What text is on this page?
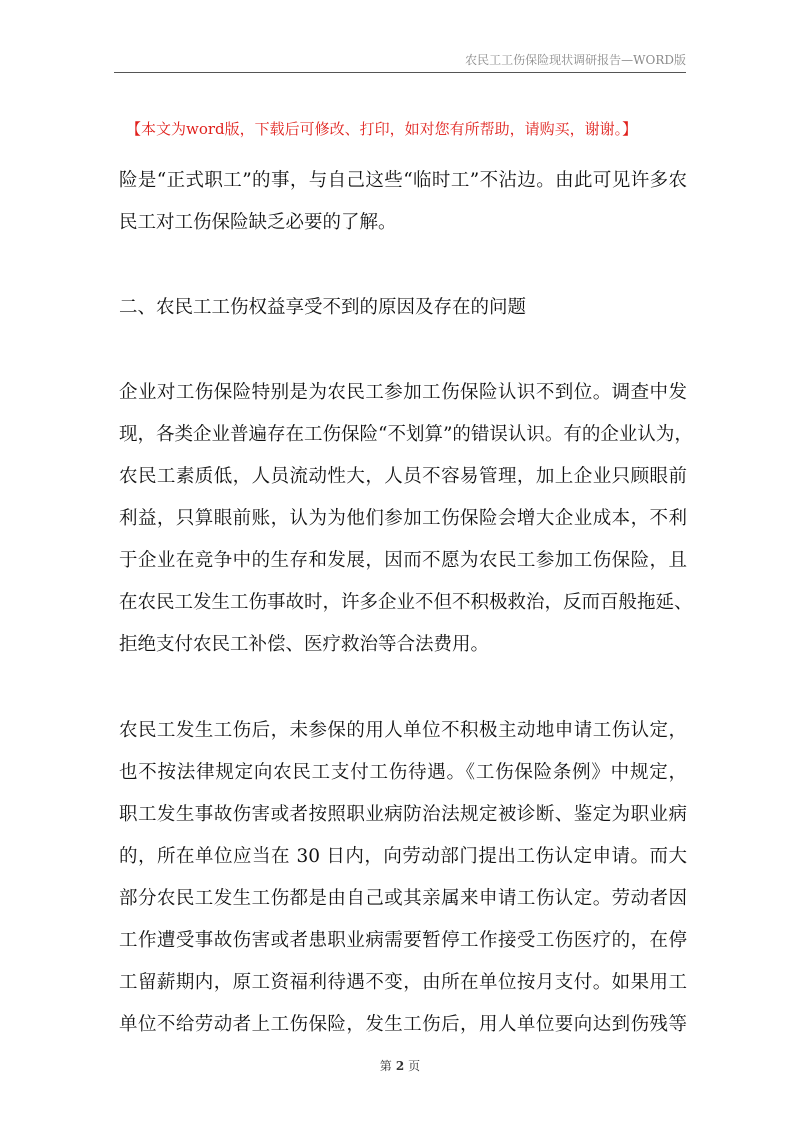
农民工工伤保险现状调研报告—WORD版
【本文为word版，下载后可修改、打印，如对您有所帮助，请购买，谢谢。】
险是“正式职工”的事，与自己这些“临时工”不沾边。由此可见许多农
民工对工伤保险缺乏必要的了解。
二、农民工工伤权益享受不到的原因及存在的问题
企业对工伤保险特别是为农民工参加工伤保险认识不到位。调查中发
现，各类企业普遍存在工伤保险“不划算”的错误认识。有的企业认为，
农民工素质低，人员流动性大，人员不容易管理，加上企业只顾眼前
利益，只算眼前账，认为为他们参加工伤保险会增大企业成本，不利
于企业在竞争中的生存和发展，因而不愿为农民工参加工伤保险，且
在农民工发生工伤事故时，许多企业不但不积极救治，反而百般拖延、
拒绝支付农民工补偿、医疗救治等合法费用。
农民工发生工伤后，未参保的用人单位不积极主动地申请工伤认定，
也不按法律规定向农民工支付工伤待遇。《工伤保险条例》中规定，
职工发生事故伤害或者按照职业病防治法规定被诊断、鉴定为职业病
的，所在单位应当在 30 日内，向劳动部门提出工伤认定申请。而大
部分农民工发生工伤都是由自己或其亲属来申请工伤认定。劳动者因
工作遭受事故伤害或者患职业病需要暂停工作接受工伤医疗的，在停
工留薪期内，原工资福利待遇不变，由所在单位按月支付。如果用工
单位不给劳动者上工伤保险，发生工伤后，用人单位要向达到伤残等
第 2 页
